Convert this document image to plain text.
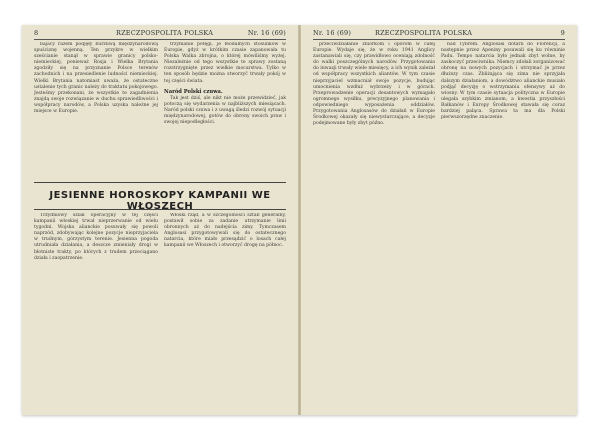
8	RZECZPOSPOLITA POLSKA	Nr. 16 (69)

bajacy razem podjęły burzliwą międzynarodową spuściznę wojenną. Ten przykre w wielkim sześcianie stanął w sprawie granicy polsko-niemieckiej, ponieważ Rosja i Wielka Brytania zgodziły się na przyznanie Polsce terenów zachodnich i na przesiedlenie ludności niemieckiej. Wielki Brytania natomiast uważa, że ostateczne ustalenie tych granic należy do traktatu pokojowego. Jesteśmy przekonani, że wszystkie te zagadnienia znajdą swoje rozwiązanie w duchu sprawiedliwości i współpracy narodów, a Polska uzyska należne jej miejsce w Europie.

trzymanie potęgi, je feodalnych stosunków w Europie, gdyż w krótkim czasie zapanowała tu Polska Walka zbrojna, o której mówiliśmy wyżej. Niezależnie od tego wszystkie te sprawy zostaną rozstrzygnięte przez wielkie mocarstwa. Tylko w ten sposób będzie można stworzyć trwały pokój w tej części świata.

Naród Polski czuwa.

Tak jest dziś, ale nikt nie może przewidzieć, jak potoczą się wydarzenia w najbliższych miesiącach. Naród polski czuwa i z uwagą śledzi rozwój sytuacji międzynarodowej, gotów do obrony swoich praw i swojej niepodległości.

JESIENNE HOROSKOPY KAMPANII WE WŁOSZECH

Trzydniowy szlak operacyjny w tej części kampanii włoskiej trwał nieprzerwanie od wielu tygodni. Wojska alianckie posuwały się powoli naprzód, zdobywając kolejne pozycje nieprzyjaciela w trudnym, górzystym terenie. Jesienna pogoda utrudniała działania, a deszcze zmieniały drogi w błotniste trakty, po których z trudem przeciągano działa i zaopatrzenie.

Włoski rząd, a w szczególności sztab generalny, postawił sobie za zadanie utrzymanie linii obronnych aż do nadejścia zimy. Tymczasem Anglosasi przygotowywali się do ostatecznego natarcia, które miało przesądzić o losach całej kampanii we Włoszech i otworzyć drogę na północ.

Nr. 16 (69)	RZECZPOSPOLITA POLSKA	9

przeciwdziałanie zbiórkom i oporom w całej Europie. Wydaje się, że w roku 1941 Anglicy zastanawiali się, czy prawidłowo oceniają zdolność do walki poszczególnych narodów. Przygotowania do inwazji trwały wiele miesięcy, a ich wynik zależał od współpracy wszystkich aliantów. W tym czasie nieprzyjaciel wzmacniał swoje pozycje, budując umocnienia wzdłuż wybrzeży i w górach. Przeprowadzenie operacji desantowych wymagało ogromnego wysiłku, precyzyjnego planowania i odpowiedniego wyposażenia oddziałów. Przygotowania Anglosasów do działań w Europie Środkowej okazały się niewystarczające, a decyzje podejmowane były zbyt późno.

nad Tybrem. Anglosasi dotarli do Florencji, a następnie przez Apeniny posuwali się ku równinie Padu. Tempo natarcia było jednak zbyt wolne, by zaskoczyć przeciwnika. Niemcy zdołali zorganizować obronę na nowych pozycjach i utrzymać je przez dłuższy czas. Zbliżająca się zima nie sprzyjała dalszym działaniom, a dowództwo alianckie musiało podjąć decyzję o wstrzymaniu ofensywy aż do wiosny. W tym czasie sytuacja polityczna w Europie ulegała szybkim zmianom, a kwestia przyszłości Bałkanów i Europy Środkowej stawała się coraz bardziej paląca. Sprawa ta ma dla Polski pierwszorzędne znaczenie.
